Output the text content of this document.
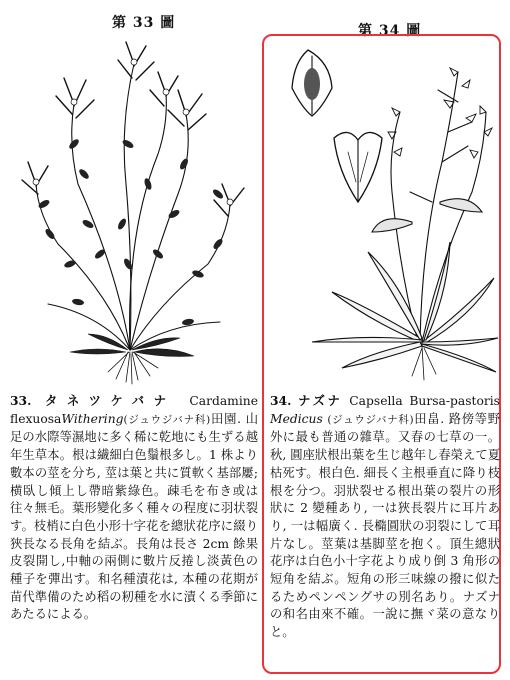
第 33 圖	第 34 圖
33. タネツケバナ Cardamine flexuosaWithering(ジュウジバナ科)田園. 山足の水際等濕地に多く稀に乾地にも生ずる越年生草本。根は繊細白色鬚根多し。1 株より數本の莖を分ち, 莖は葉と共に質軟く基部屢; 横臥し傾上し帶暗紫綠色。疎毛を布き或は往々無毛。葉形變化多く種々の程度に羽状裂す。枝梢に白色小形十字花を總狀花序に綴り狹長なる長角を結ぶ。長角は長さ 2cm 餘果皮裂開し,中軸の兩側に數片反捲し淡黃色の種子を彈出す。和名種漬花は, 本種の花期が苗代準備のため稻の籾種を水に漬くる季節にあたるによる。
34. ナズナ Capsella Bursa-pastoris Medicus (ジュウジバナ科)田畠. 路傍等野外に最も普通の雜草。又春の七草の一。秋, 圓座狀根出葉を生じ越年し春榮えて夏枯死す。根白色. 細長く主根垂直に降り枝根を分つ。羽狀裂せる根出葉の裂片の形狀に 2 變種あり, 一は狹長裂片に耳片あり, 一は幅廣く. 長橢圓狀の羽裂にして耳片なし。莖葉は基脚莖を抱く。頂生總狀花序は白色小十字花より成り倒 3 角形の短角を結ぶ。短角の形三味線の撥に似たるためペンペングサの別名あり。ナズナの和名由來不確。一說に撫ヾ菜の意なりと。
